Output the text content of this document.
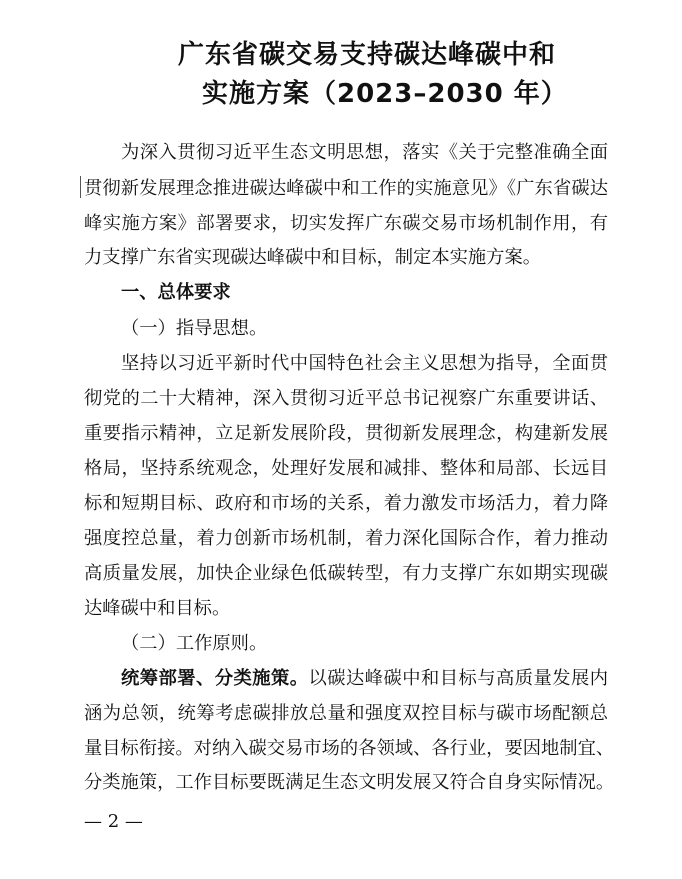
广东省碳交易支持碳达峰碳中和
实施方案（2023–2030 年）
为深入贯彻习近平生态文明思想，落实《关于完整准确全面
贯彻新发展理念推进碳达峰碳中和工作的实施意见》《广东省碳达
峰实施方案》部署要求，切实发挥广东碳交易市场机制作用，有
力支撑广东省实现碳达峰碳中和目标，制定本实施方案。
一、总体要求
（一）指导思想。
坚持以习近平新时代中国特色社会主义思想为指导，全面贯
彻党的二十大精神，深入贯彻习近平总书记视察广东重要讲话、
重要指示精神，立足新发展阶段，贯彻新发展理念，构建新发展
格局，坚持系统观念，处理好发展和减排、整体和局部、长远目
标和短期目标、政府和市场的关系，着力激发市场活力，着力降
强度控总量，着力创新市场机制，着力深化国际合作，着力推动
高质量发展，加快企业绿色低碳转型，有力支撑广东如期实现碳
达峰碳中和目标。
（二）工作原则。
统筹部署、分类施策。以碳达峰碳中和目标与高质量发展内
涵为总领，统筹考虑碳排放总量和强度双控目标与碳市场配额总
量目标衔接。对纳入碳交易市场的各领域、各行业，要因地制宜、
分类施策，工作目标要既满足生态文明发展又符合自身实际情况。
— 2 —
